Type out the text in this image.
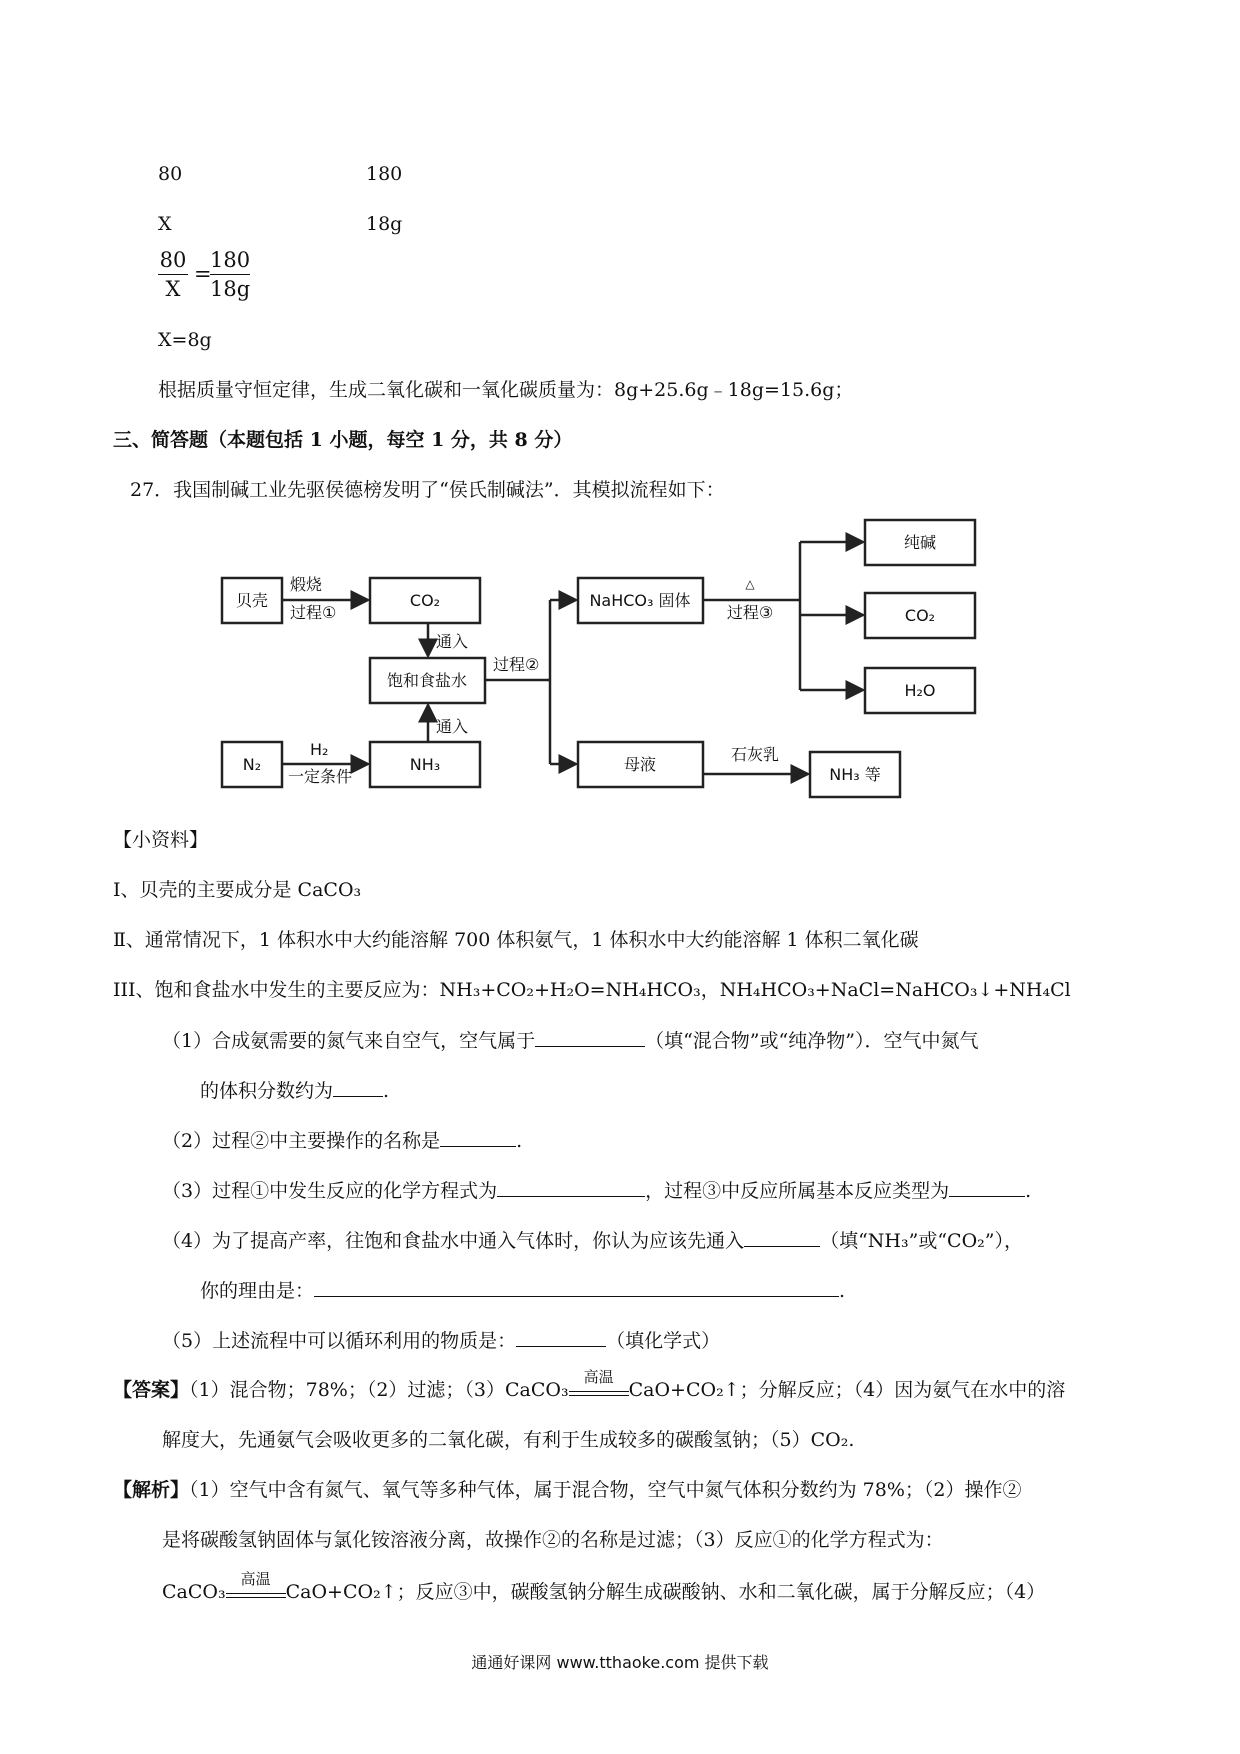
80	180
X	18g
80
X
=
180
18g
X=8g
根据质量守恒定律，生成二氧化碳和一氧化碳质量为：8g+25.6g﹣18g=15.6g；
三、简答题（本题包括 1 小题，每空 1 分，共 8 分）
27．我国制碱工业先驱侯德榜发明了“侯氏制碱法”．其模拟流程如下：
贝壳
煅烧
过程①
CO₂
通入
饱和食盐水
通入
N₂
H₂
一定条件
NH₃
过程②
NaHCO₃ 固体
△
过程③
纯碱
CO₂
H₂O
母液
石灰乳
NH₃ 等
【小资料】
I、贝壳的主要成分是 CaCO₃
Ⅱ、通常情况下，1 体积水中大约能溶解 700 体积氨气，1 体积水中大约能溶解 1 体积二氧化碳
III、饱和食盐水中发生的主要反应为：NH₃+CO₂+H₂O=NH₄HCO₃，NH₄HCO₃+NaCl=NaHCO₃↓+NH₄Cl
（1）合成氨需要的氮气来自空气，空气属于	（填“混合物”或“纯净物”）．空气中氮气
的体积分数约为	.
（2）过程②中主要操作的名称是	.
（3）过程①中发生反应的化学方程式为	，过程③中反应所属基本反应类型为	.
（4）为了提高产率，往饱和食盐水中通入气体时，你认为应该先通入	（填“NH₃”或“CO₂”），
你的理由是：	.
（5）上述流程中可以循环利用的物质是：	（填化学式）
【答案】（1）混合物；78%；（2）过滤；（3）CaCO₃
高温
CaO+CO₂↑；分解反应；（4）因为氨气在水中的溶
解度大，先通氨气会吸收更多的二氧化碳，有利于生成较多的碳酸氢钠；（5）CO₂.
【解析】（1）空气中含有氮气、氧气等多种气体，属于混合物，空气中氮气体积分数约为 78%；（2）操作②
是将碳酸氢钠固体与氯化铵溶液分离，故操作②的名称是过滤；（3）反应①的化学方程式为：
CaCO₃
高温
CaO+CO₂↑；反应③中，碳酸氢钠分解生成碳酸钠、水和二氧化碳，属于分解反应；（4）
通通好课网 www.tthaoke.com 提供下载
